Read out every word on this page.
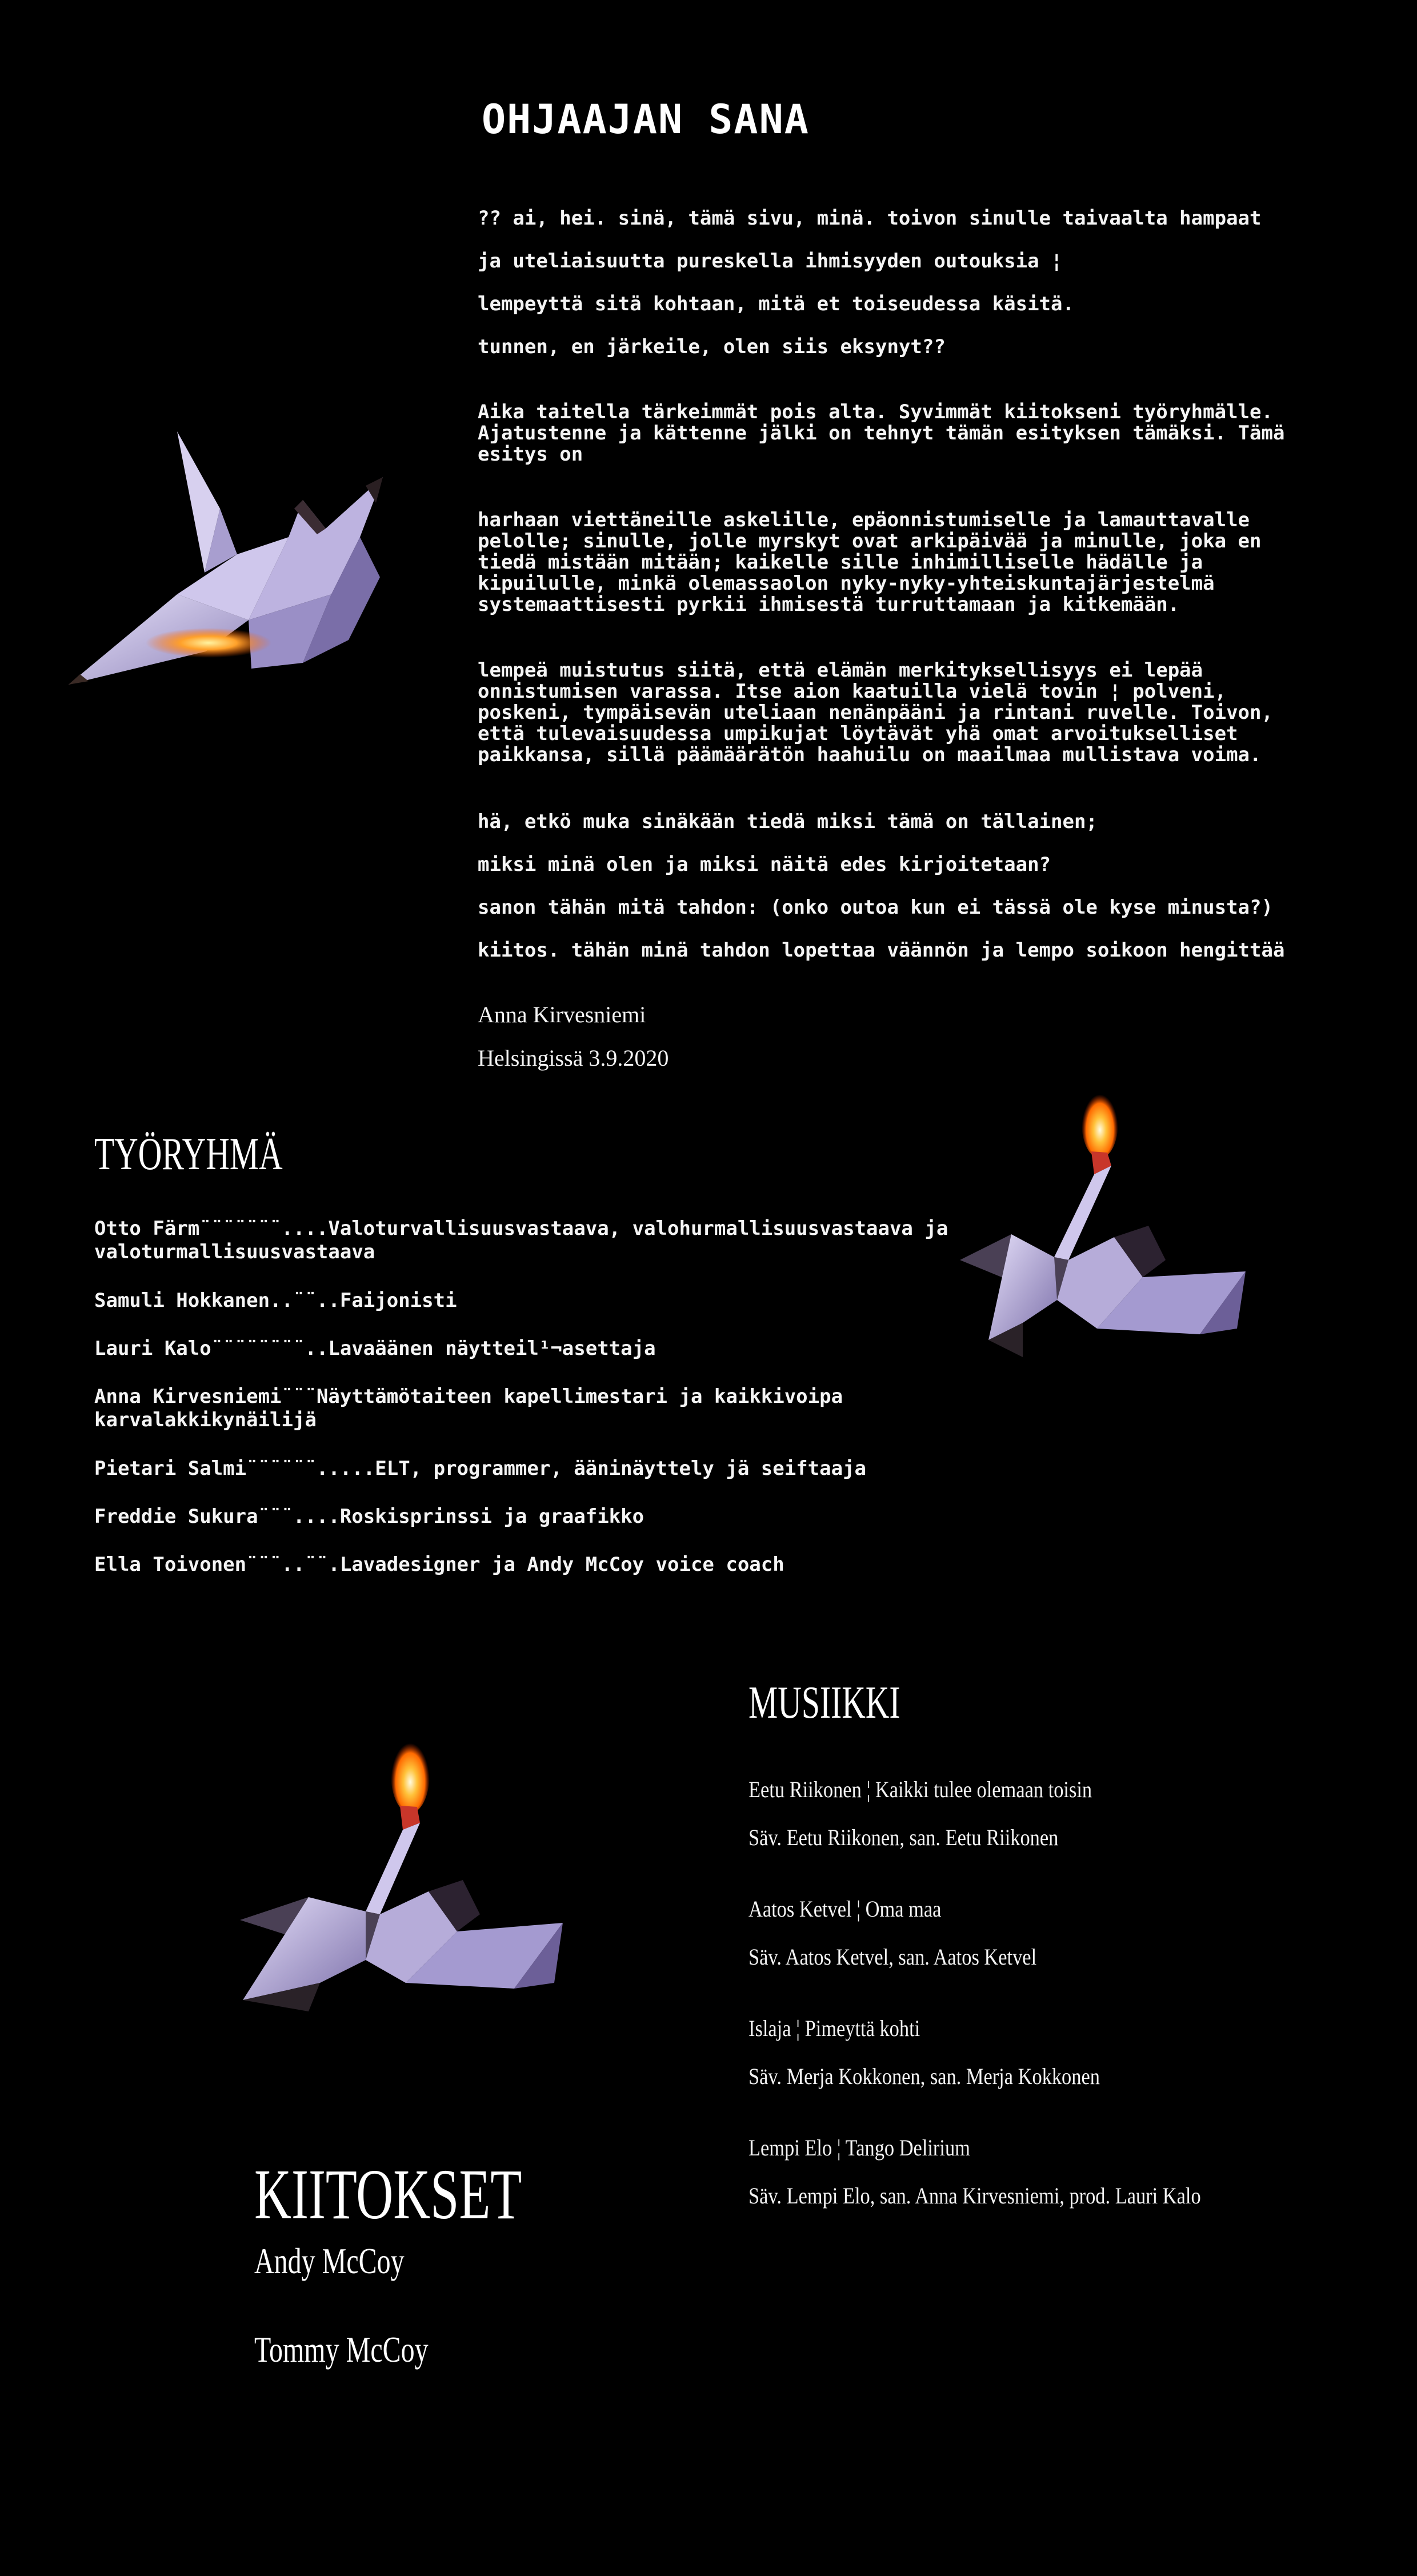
OHJAAJAN SANA
?? ai, hei. sinä, tämä sivu, minä. toivon sinulle taivaalta hampaat
ja uteliaisuutta pureskella ihmisyyden outouksia ¦
lempeyttä sitä kohtaan, mitä et toiseudessa käsitä.
tunnen, en järkeile, olen siis eksynyt??
Aika taitella tärkeimmät pois alta. Syvimmät kiitokseni työryhmälle.
Ajatustenne ja kättenne jälki on tehnyt tämän esityksen tämäksi. Tämä
esitys on
harhaan viettäneille askelille, epäonnistumiselle ja lamauttavalle
pelolle; sinulle, jolle myrskyt ovat arkipäivää ja minulle, joka en
tiedä mistään mitään; kaikelle sille inhimilliselle hädälle ja
kipuilulle, minkä olemassaolon nyky-nyky-yhteiskuntajärjestelmä
systemaattisesti pyrkii ihmisestä turruttamaan ja kitkemään.
lempeä muistutus siitä, että elämän merkityksellisyys ei lepää
onnistumisen varassa. Itse aion kaatuilla vielä tovin ¦ polveni,
poskeni, tympäisevän uteliaan nenänpääni ja rintani ruvelle. Toivon,
että tulevaisuudessa umpikujat löytävät yhä omat arvoitukselliset
paikkansa, sillä päämäärätön haahuilu on maailmaa mullistava voima.
hä, etkö muka sinäkään tiedä miksi tämä on tällainen;
miksi minä olen ja miksi näitä edes kirjoitetaan?
sanon tähän mitä tahdon: (onko outoa kun ei tässä ole kyse minusta?)
kiitos. tähän minä tahdon lopettaa väännön ja lempo soikoon hengittää
Anna Kirvesniemi
Helsingissä 3.9.2020
TYÖRYHMÄ
Otto Färm¨¨¨¨¨¨¨....Valoturvallisuusvastaava, valohurmallisuusvastaava ja
valoturmallisuusvastaava
Samuli Hokkanen..¨¨..Faijonisti
Lauri Kalo¨¨¨¨¨¨¨¨..Lavaäänen näytteil¹¬asettaja
Anna Kirvesniemi¨¨¨Näyttämötaiteen kapellimestari ja kaikkivoipa
karvalakkikynäilijä
Pietari Salmi¨¨¨¨¨¨.....ELT, programmer, ääninäyttely jä seiftaaja
Freddie Sukura¨¨¨....Roskisprinssi ja graafikko
Ella Toivonen¨¨¨..¨¨.Lavadesigner ja Andy McCoy voice coach
MUSIIKKI
Eetu Riikonen ¦ Kaikki tulee olemaan toisin
Säv. Eetu Riikonen, san. Eetu Riikonen
Aatos Ketvel ¦ Oma maa
Säv. Aatos Ketvel, san. Aatos Ketvel
Islaja ¦ Pimeyttä kohti
Säv. Merja Kokkonen, san. Merja Kokkonen
Lempi Elo ¦ Tango Delirium
Säv. Lempi Elo, san. Anna Kirvesniemi, prod. Lauri Kalo
KIITOKSET
Andy McCoy
Tommy McCoy
